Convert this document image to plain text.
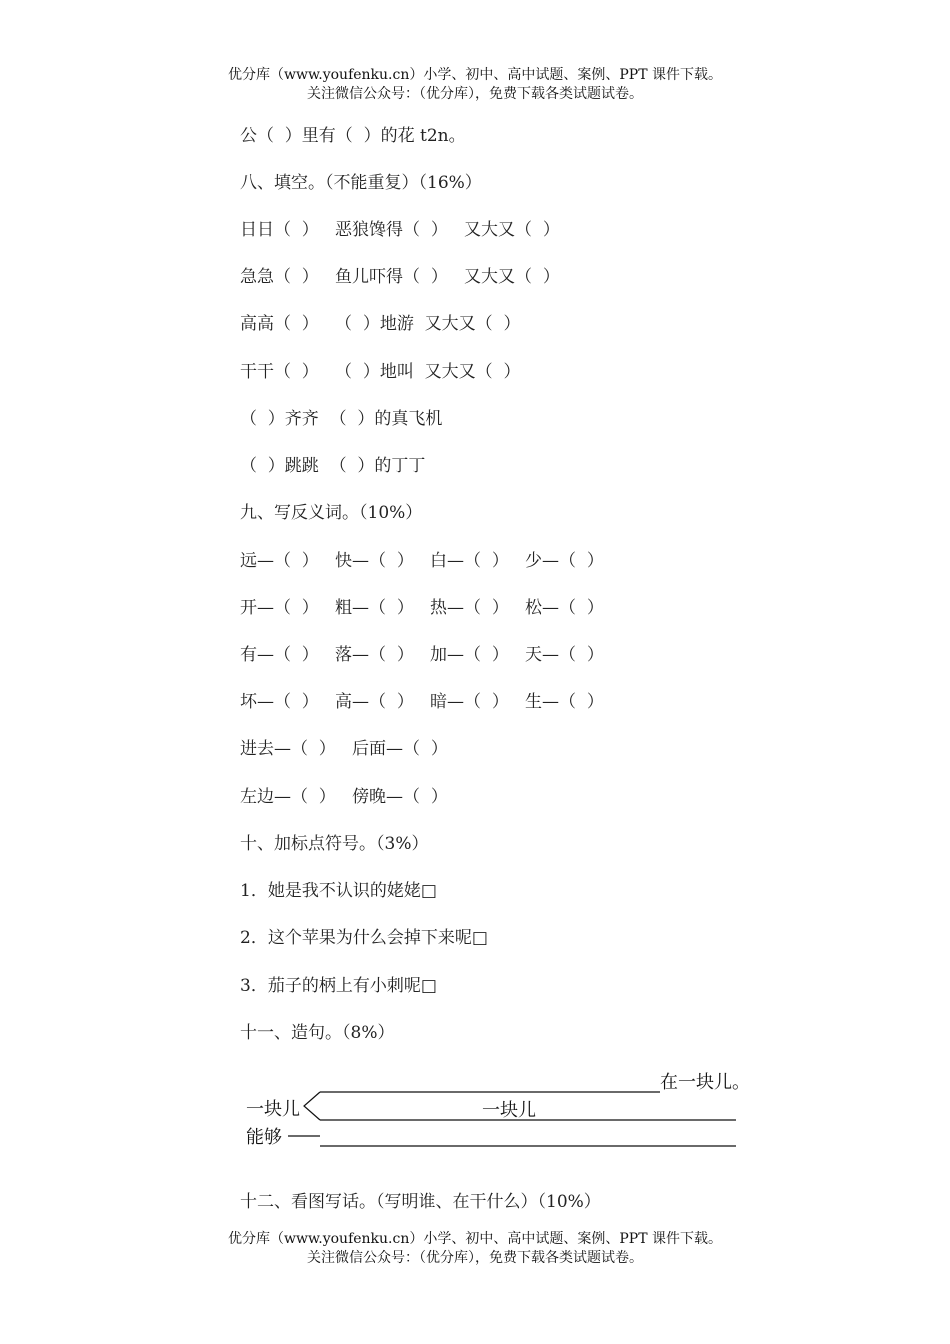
优分库（www.youfenku.cn）小学、初中、高中试题、案例、PPT 课件下载。
关注微信公众号：（优分库），免费下载各类试题试卷。
公（  ）里有（  ）的花 t2n。
八、填空。（不能重复）（16%）
日日（  ）   恶狼馋得（  ）   又大又（  ）
急急（  ）   鱼儿吓得（  ）   又大又（  ）
高高（  ）   （  ）地游  又大又（  ）
干干（  ）   （  ）地叫  又大又（  ）
（  ）齐齐  （  ）的真飞机
（  ）跳跳  （  ）的丁丁
九、写反义词。（10%）
远—（  ）   快—（  ）   白—（  ）   少—（  ）
开—（  ）   粗—（  ）   热—（  ）   松—（  ）
有—（  ）   落—（  ）   加—（  ）   天—（  ）
坏—（  ）   高—（  ）   暗—（  ）   生—（  ）
进去—（  ）   后面—（  ）
左边—（  ）   傍晚—（  ）
十、加标点符号。（3%）
1．她是我不认识的姥姥□
2．这个苹果为什么会掉下来呢□
3．茄子的柄上有小刺呢□
十一、造句。（8%）
一块儿
能够
在一块儿。
一块儿
十二、看图写话。（写明谁、在干什么）（10%）
优分库（www.youfenku.cn）小学、初中、高中试题、案例、PPT 课件下载。
关注微信公众号：（优分库），免费下载各类试题试卷。
